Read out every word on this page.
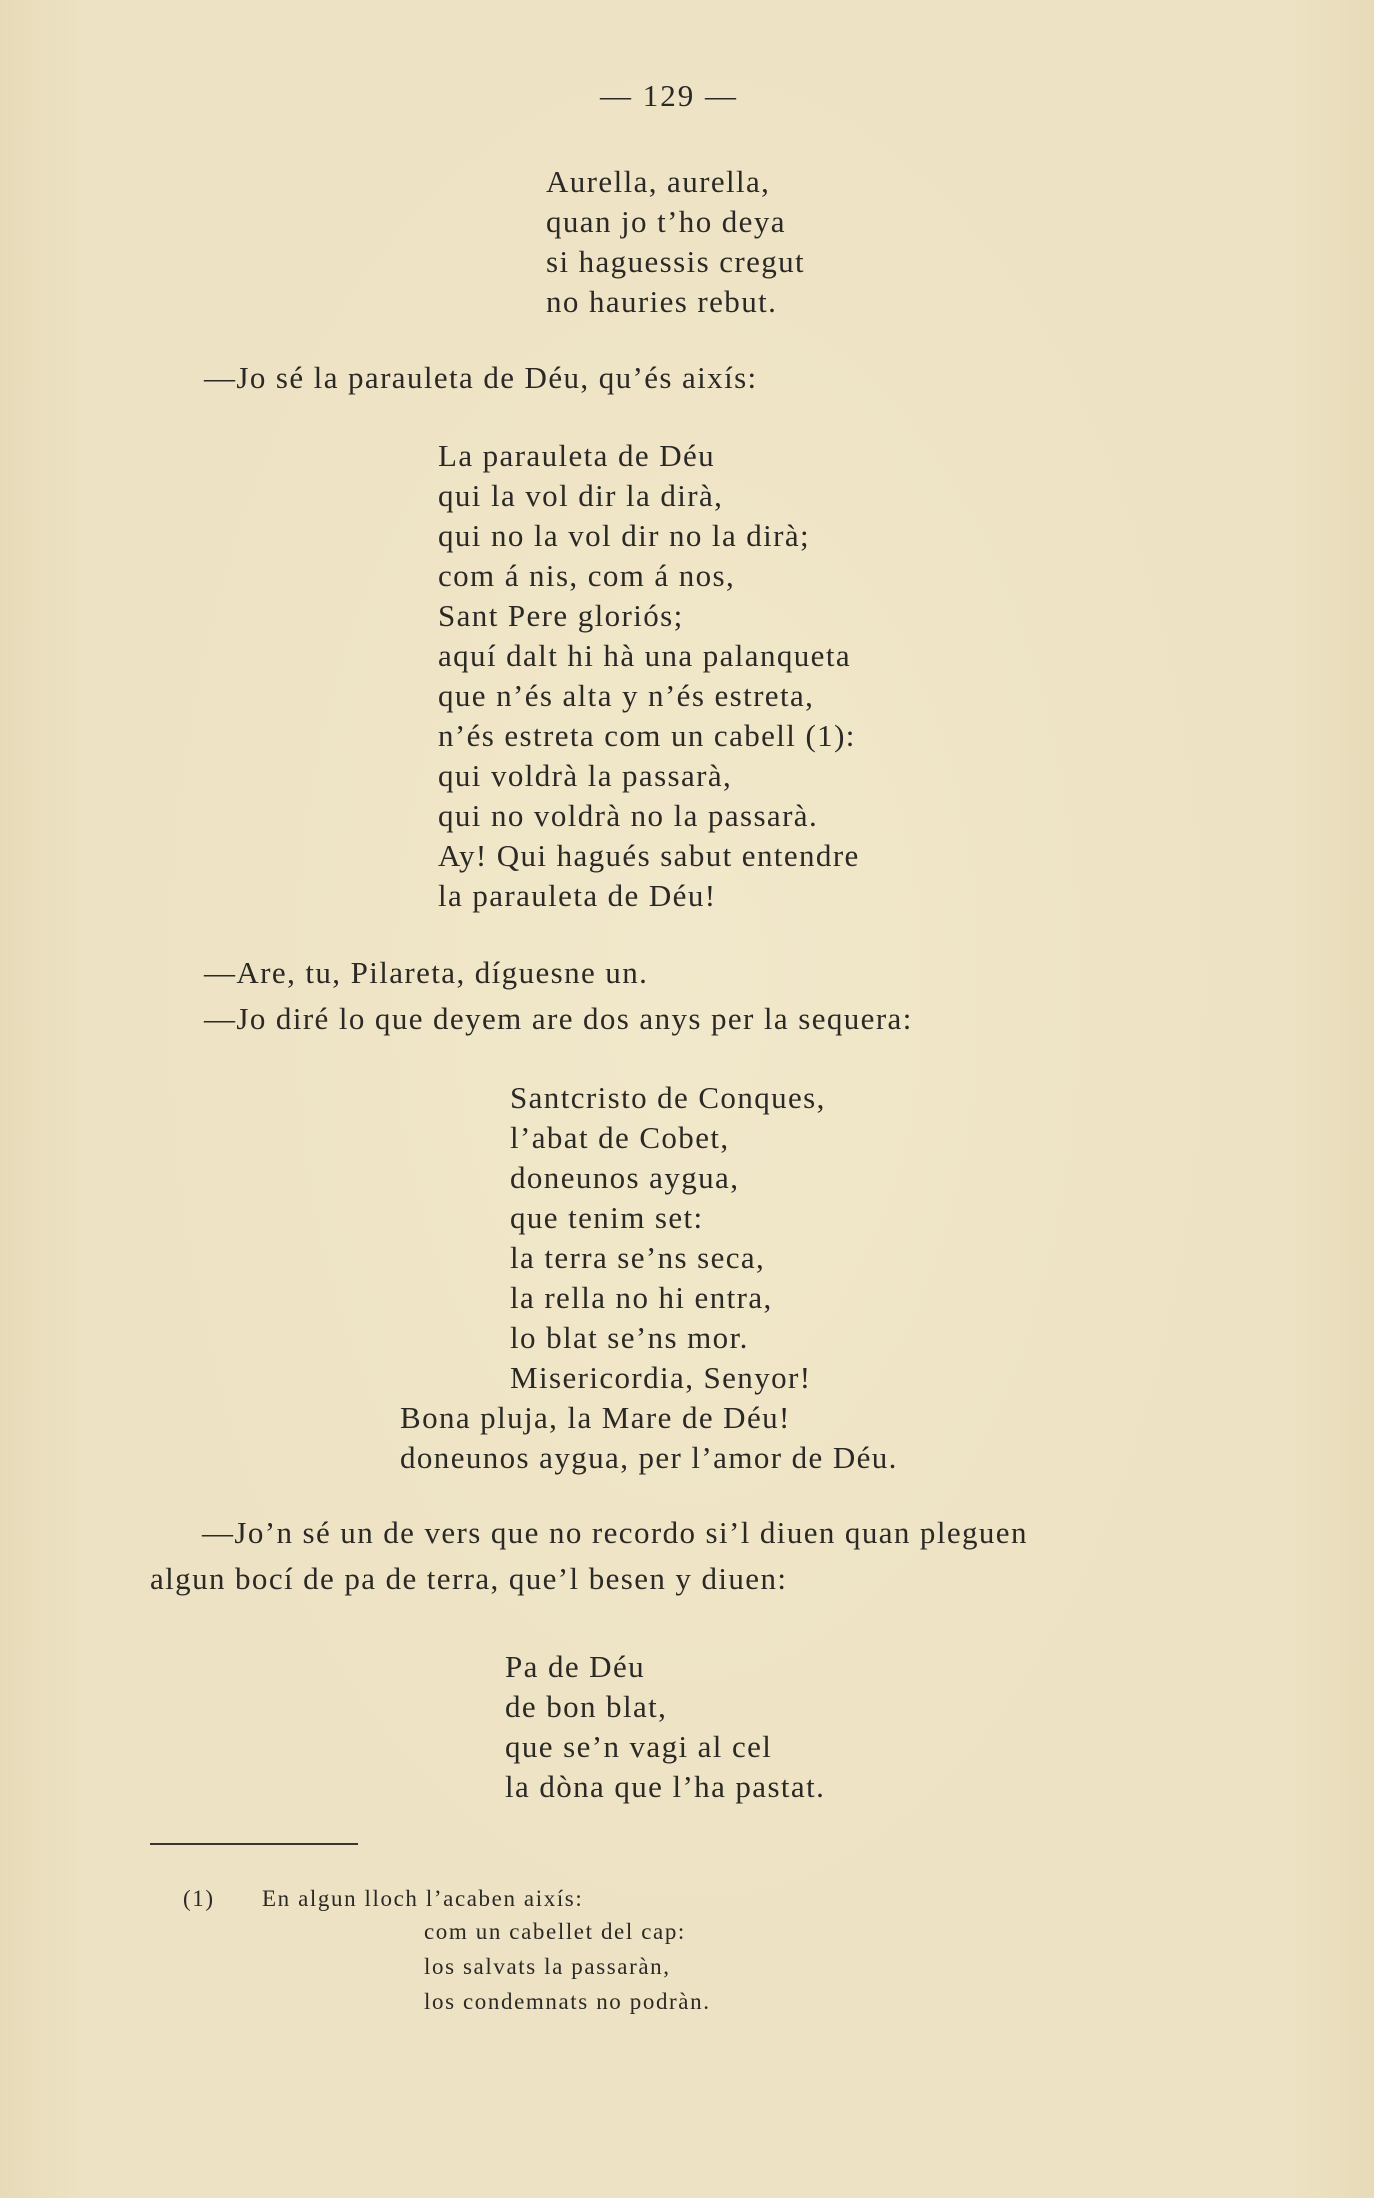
— 129 —
Aurella, aurella,
quan jo t’ho deya
si haguessis cregut
no hauries rebut.
—Jo sé la parauleta de Déu, qu’és aixís:
La parauleta de Déu
qui la vol dir la dirà,
qui no la vol dir no la dirà;
com á nis, com á nos,
Sant Pere gloriós;
aquí dalt hi hà una palanqueta
que n’és alta y n’és estreta,
n’és estreta com un cabell (1):
qui voldrà la passarà,
qui no voldrà no la passarà.
Ay! Qui hagués sabut entendre
la parauleta de Déu!
—Are, tu, Pilareta, díguesne un.
—Jo diré lo que deyem are dos anys per la sequera:
Santcristo de Conques,
l’abat de Cobet,
doneunos aygua,
que tenim set:
la terra se’ns seca,
la rella no hi entra,
lo blat se’ns mor.
Misericordia, Senyor!
Bona pluja, la Mare de Déu!
doneunos aygua, per l’amor de Déu.
—Jo’n sé un de vers que no recordo si’l diuen quan pleguen
algun bocí de pa de terra, que’l besen y diuen:
Pa de Déu
de bon blat,
que se’n vagi al cel
la dòna que l’ha pastat.
(1) En algun lloch l’acaben aixís:
com un cabellet del cap:
los salvats la passaràn,
los condemnats no podràn.
